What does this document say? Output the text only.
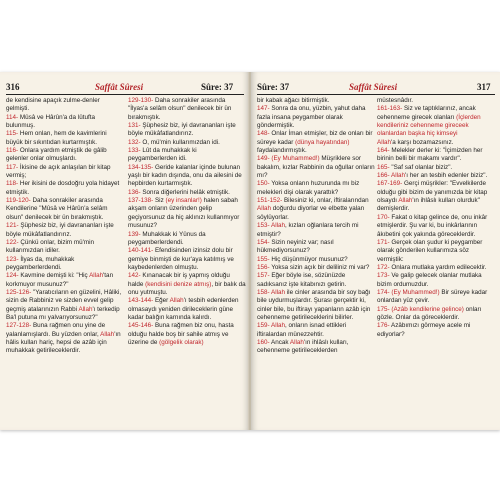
316	Saffât Sûresi	Sûre: 37

de kendisine apaçık zulme-denler gelmişti.

114- Mûsâ ve Hârûn'a da lûtufta bulunmuş.

115- Hem onları, hem de kavimlerini büyük bir sıkıntıdan kurtarmıştık.

116- Onlara yardım etmiştik de gâlib gelenler onlar olmuşlardı.

117- İkisine de açık anlaşılan bir kitap vermiş;

118- Her ikisini de dosdoğru yola hidayet etmiştik.

119-120- Daha sonrakiler arasında Kendilerine "Mûsâ ve Hârûn'a selâm olsun" denilecek bir ün bırakmıştık.

121- Şüphesiz biz, iyi davrananları işte böyle mükâfatlandırırız.

122- Çünkü onlar, bizim mü'min kullarımızdan idiler.

123- İlyas da, muhakkak peygamberlerdendi.

124- Kavmine demişti ki: "Hiç Allah'tan korkmuyor musunuz?"

125-126- "Yaratıcıların en güzelini, Hâliki, sizin de Rabbiniz ve sizden evvel gelip geçmiş atalarınızın Rabbi Allah'ı terkedip Ba'l putuna mı yalvarıyorsunuz?"

127-128- Buna rağmen onu yine de yalanlamışlardı. Bu yüzden onlar, Allah'ın hâlis kulları hariç, hepsi de azâb için muhakkak getirileceklerdir.

129-130- Daha sonrakiler arasında "İlyas'a selâm olsun" denilecek bir ün bırakmıştık.

131- Şüphesiz biz, iyi davrananları işte böyle mükâfatlandırırız.

132- O, mü'min kullarımızdan idi.

133- Lût da muhakkak ki peygamberlerden idi.

134-135- Geride kalanlar içinde bulunan yaşlı bir kadın dışında, onu da ailesini de hepbirden kurtarmıştık.

136- Sonra diğerlerini helâk etmiştik.

137-138- Siz (ey insanlar!) halen sabah akşam onların üzerinden gelip geçiyorsunuz da hiç aklınızı kullanmıyor musunuz?

139- Muhakkak ki Yûnus da peygamberlerdendi.

140-141- Efendisinden izinsiz dolu bir gemiye binmişti de kur'aya katılmış ve kaybedenlerden olmuştu.

142- Kınanacak bir iş yapmış olduğu halde (kendisini denize atmış), bir balık da onu yutmuştu.

143-144- Eğer Allah'ı tesbih edenlerden olmasaydı yeniden dirileceklerin güne kadar balığın karnında kalırdı.

145-146- Buna rağmen biz onu, hasta olduğu halde boş bir sahile atmış ve üzerine de (gölgelik olarak)

Sûre: 37	Saffât Sûresi	317

bir kabak ağacı bitirmiştik.

147- Sonra da onu, yüzbin, yahut daha fazla insana peygamber olarak göndermiştik.

148- Onlar İman etmişler, biz de onları bir süreye kadar (dünya hayatından) faydalandırmıştık.

149- (Ey Muhammed!) Müşriklere sor bakalım, kızlar Rabbinin da oğullar onların mı?

150- Yoksa onların huzurunda mı biz melekleri dişi olarak yarattık?

151-152- Bilesiniz ki, onlar, iftiralarından Allah doğurdu diyorlar ve elbette yalan söylüyorlar.

153- Allah, kızları oğlanlara tercih mi etmiştir?

154- Sizin neyiniz var; nasıl hükmediyorsunuz?

155- Hiç düşünmüyor musunuz?

156- Yoksa sizin açık bir deliliniz mi var?

157- Eğer böyle ise, sözünüzde sadıksanız işte kitabınızı getirin.

158- Allah ile cinler arasında bir soy bağı bile uydurmuşlardır. Şurası gerçektir ki, cinler bile, bu iftirayı yapanların azâb için cehenneme getirileceklerini bilirler.

159- Allah, onların isnad ettikleri iftiralardan münezzehtir.

160- Ancak Allah'ın ihlâslı kulları, cehenneme getirileceklerden

müstesnâdır.

161-163- Siz ve taptıklarınız, ancak cehenneme girecek olanları (İçlerden kendileriniz cehenneme gireceek olanlardan başka hiç kimseyi

Allah'a karşı bozamazsınız.

164- Melekler derler ki: "İçimizden her birinin belli bir makamı vardır".

165- "Saf saf olanlar biziz".

166- Allah'ı her an tesbih edenler biziz".

167-169- Gerçi müşrikler: "Evvelkilerde olduğu gibi bizim de yanımızda bir kitap olsaydı Allah'ın ihlâslı kulları olurduk" demişlerdir.

170- Fakat o kitap gelince de, onu inkâr etmişlerdir. Şu var ki, bu inkârlarının âkıbetini çok yakında göreceklerdir.

171- Gerçek olan şudur ki peygamber olarak gönderilen kullarımıza söz vermiştik:

172- Onlara mutlaka yardım edilecektir.

173- Ve galip gelecek olanlar mutlaka bizim ordumuzdur.

174- (Ey Muhammed!) Bir süreye kadar onlardan yüz çevir.

175- (Azâb kendilerine gelince) onları gözle. Onlar da göreceklerdir.

176- Azâbımızı görmeye acele mi ediyorlar?
